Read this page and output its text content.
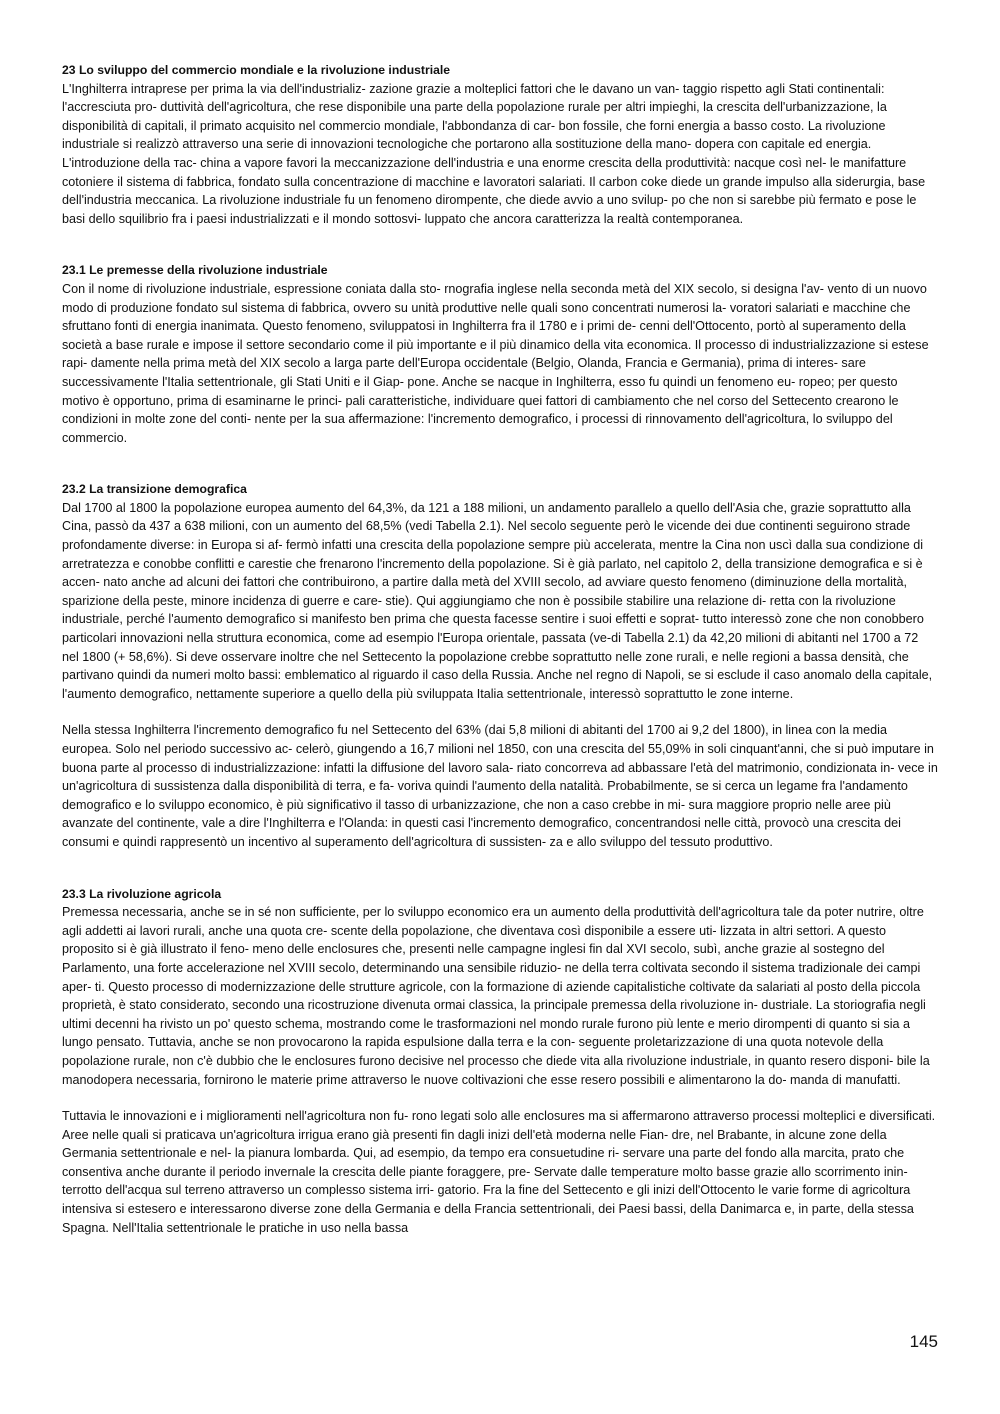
23 Lo sviluppo del commercio mondiale e la rivoluzione industriale

L'Inghilterra intraprese per prima la via dell'industrializ- zazione grazie a molteplici fattori che le davano un van- taggio rispetto agli Stati continentali: l'accresciuta pro- duttività dell'agricoltura, che rese disponibile una parte della popolazione rurale per altri impieghi, la crescita dell'urbanizzazione, la disponibilità di capitali, il primato acquisito nel commercio mondiale, l'abbondanza di car- bon fossile, che forni energia a basso costo. La rivoluzione industriale si realizzò attraverso una serie di innovazioni tecnologiche che portarono alla sostituzione della mano- dopera con capitale ed energia. L'introduzione della тас- china a vapore favori la meccanizzazione dell'industria e una enorme crescita della produttività: nacque così nel- le manifatture cotoniere il sistema di fabbrica, fondato sulla concentrazione di macchine e lavoratori salariati. Il carbon coke diede un grande impulso alla siderurgia, base dell'industria meccanica. La rivoluzione industriale fu un fenomeno dirompente, che diede avvio a uno svilup- po che non si sarebbe più fermato e pose le basi dello squilibrio fra i paesi industrializzati e il mondo sottosvi- luppato che ancora caratterizza la realtà contemporanea.

23.1 Le premesse della rivoluzione industriale

Con il nome di rivoluzione industriale, espressione coniata dalla sto- rnografia inglese nella seconda metà del XIX secolo, si designa l'av- vento di un nuovo modo di produzione fondato sul sistema di fabbrica, ovvero su unità produttive nelle quali sono concentrati numerosi la- voratori salariati e macchine che sfruttano fonti di energia inanimata. Questo fenomeno, sviluppatosi in Inghilterra fra il 1780 e i primi de- cenni dell'Ottocento, portò al superamento della società a base rurale e impose il settore secondario come il più importante e il più dinamico della vita economica. Il processo di industrializzazione si estese rapi- damente nella prima metà del XIX secolo a larga parte dell'Europa occidentale (Belgio, Olanda, Francia e Germania), prima di interes- sare successivamente l'Italia settentrionale, gli Stati Uniti e il Giap- pone. Anche se nacque in Inghilterra, esso fu quindi un fenomeno eu- ropeo; per questo motivo è opportuno, prima di esaminarne le princi- pali caratteristiche, individuare quei fattori di cambiamento che nel corso del Settecento crearono le condizioni in molte zone del conti- nente per la sua affermazione: l'incremento demografico, i processi di rinnovamento dell'agricoltura, lo sviluppo del commercio.

23.2 La transizione demografica

Dal 1700 al 1800 la popolazione europea aumento del 64,3%, da 121 a 188 milioni, un andamento parallelo a quello dell'Asia che, grazie soprattutto alla Cina, passò da 437 a 638 milioni, con un aumento del 68,5% (vedi Tabella 2.1). Nel secolo seguente però le vicende dei due continenti seguirono strade profondamente diverse: in Europa si af- fermò infatti una crescita della popolazione sempre più accelerata, mentre la Cina non uscì dalla sua condizione di arretratezza e conobbe conflitti e carestie che frenarono l'incremento della popolazione. Si è già parlato, nel capitolo 2, della transizione demografica e si è accen- nato anche ad alcuni dei fattori che contribuirono, a partire dalla metà del XVIII secolo, ad avviare questo fenomeno (diminuzione della mortalità, sparizione della peste, minore incidenza di guerre e care- stie). Qui aggiungiamo che non è possibile stabilire una relazione di- retta con la rivoluzione industriale, perché l'aumento demografico si manifesto ben prima che questa facesse sentire i suoi effetti e soprat- tutto interessò zone che non conobbero particolari innovazioni nella struttura economica, come ad esempio l'Europa orientale, passata (ve-di Tabella 2.1) da 42,20 milioni di abitanti nel 1700 a 72 nel 1800 (+ 58,6%). Si deve osservare inoltre che nel Settecento la popolazione crebbe soprattutto nelle zone rurali, e nelle regioni a bassa densità, che partivano quindi da numeri molto bassi: emblematico al riguardo il caso della Russia. Anche nel regno di Napoli, se si esclude il caso anomalo della capitale, l'aumento demografico, nettamente superiore a quello della più sviluppata Italia settentrionale, interessò soprattutto le zone interne.

Nella stessa Inghilterra l'incremento demografico fu nel Settecento del 63% (dai 5,8 milioni di abitanti del 1700 ai 9,2 del 1800), in linea con la media europea. Solo nel periodo successivo ac- celerò, giungendo a 16,7 milioni nel 1850, con una crescita del 55,09% in soli cinquant'anni, che si può imputare in buona parte al processo di industrializzazione: infatti la diffusione del lavoro sala- riato concorreva ad abbassare l'età del matrimonio, condizionata in- vece in un'agricoltura di sussistenza dalla disponibilità di terra, e fa- voriva quindi l'aumento della natalità. Probabilmente, se si cerca un legame fra l'andamento demografico e lo sviluppo economico, è più significativo il tasso di urbanizzazione, che non a caso crebbe in mi- sura maggiore proprio nelle aree più avanzate del continente, vale a dire l'Inghilterra e l'Olanda: in questi casi l'incremento demografico, concentrandosi nelle città, provocò una crescita dei consumi e quindi rappresentò un incentivo al superamento dell'agricoltura di sussisten- za e allo sviluppo del tessuto produttivo.

23.3 La rivoluzione agricola

Premessa necessaria, anche se in sé non sufficiente, per lo sviluppo economico era un aumento della produttività dell'agricoltura tale da poter nutrire, oltre agli addetti ai lavori rurali, anche una quota cre- scente della popolazione, che diventava così disponibile a essere uti- lizzata in altri settori. A questo proposito si è già illustrato il feno- meno delle enclosures che, presenti nelle campagne inglesi fin dal XVI secolo, subì, anche grazie al sostegno del Parlamento, una forte accelerazione nel XVIII secolo, determinando una sensibile riduzio- ne della terra coltivata secondo il sistema tradizionale dei campi aper- ti. Questo processo di modernizzazione delle strutture agricole, con la formazione di aziende capitalistiche coltivate da salariati al posto della piccola proprietà, è stato considerato, secondo una ricostruzione divenuta ormai classica, la principale premessa della rivoluzione in- dustriale. La storiografia negli ultimi decenni ha rivisto un po' questo schema, mostrando come le trasformazioni nel mondo rurale furono più lente e merio dirompenti di quanto si sia a lungo pensato. Tuttavia, anche se non provocarono la rapida espulsione dalla terra e la con- seguente proletarizzazione di una quota notevole della popolazione rurale, non c'è dubbio che le enclosures furono decisive nel processo che diede vita alla rivoluzione industriale, in quanto resero disponi- bile la manodopera necessaria, fornirono le materie prime attraverso le nuove coltivazioni che esse resero possibili e alimentarono la do- manda di manufatti.

Tuttavia le innovazioni e i miglioramenti nell'agricoltura non fu- rono legati solo alle enclosures ma si affermarono attraverso processi molteplici e diversificati. Aree nelle quali si praticava un'agricoltura irrigua erano già presenti fin dagli inizi dell'età moderna nelle Fian- dre, nel Brabante, in alcune zone della Germania settentrionale e nel- la pianura lombarda. Qui, ad esempio, da tempo era consuetudine ri- servare una parte del fondo alla marcita, prato che consentiva anche durante il periodo invernale la crescita delle piante foraggere, pre- Servate dalle temperature molto basse grazie allo scorrimento inin- terrotto dell'acqua sul terreno attraverso un complesso sistema irri- gatorio. Fra la fine del Settecento e gli inizi dell'Ottocento le varie forme di agricoltura intensiva si estesero e interessarono diverse zone della Germania e della Francia settentrionali, dei Paesi bassi, della Danimarca e, in parte, della stessa Spagna. Nell'Italia settentrionale le pratiche in uso nella bassa

145
